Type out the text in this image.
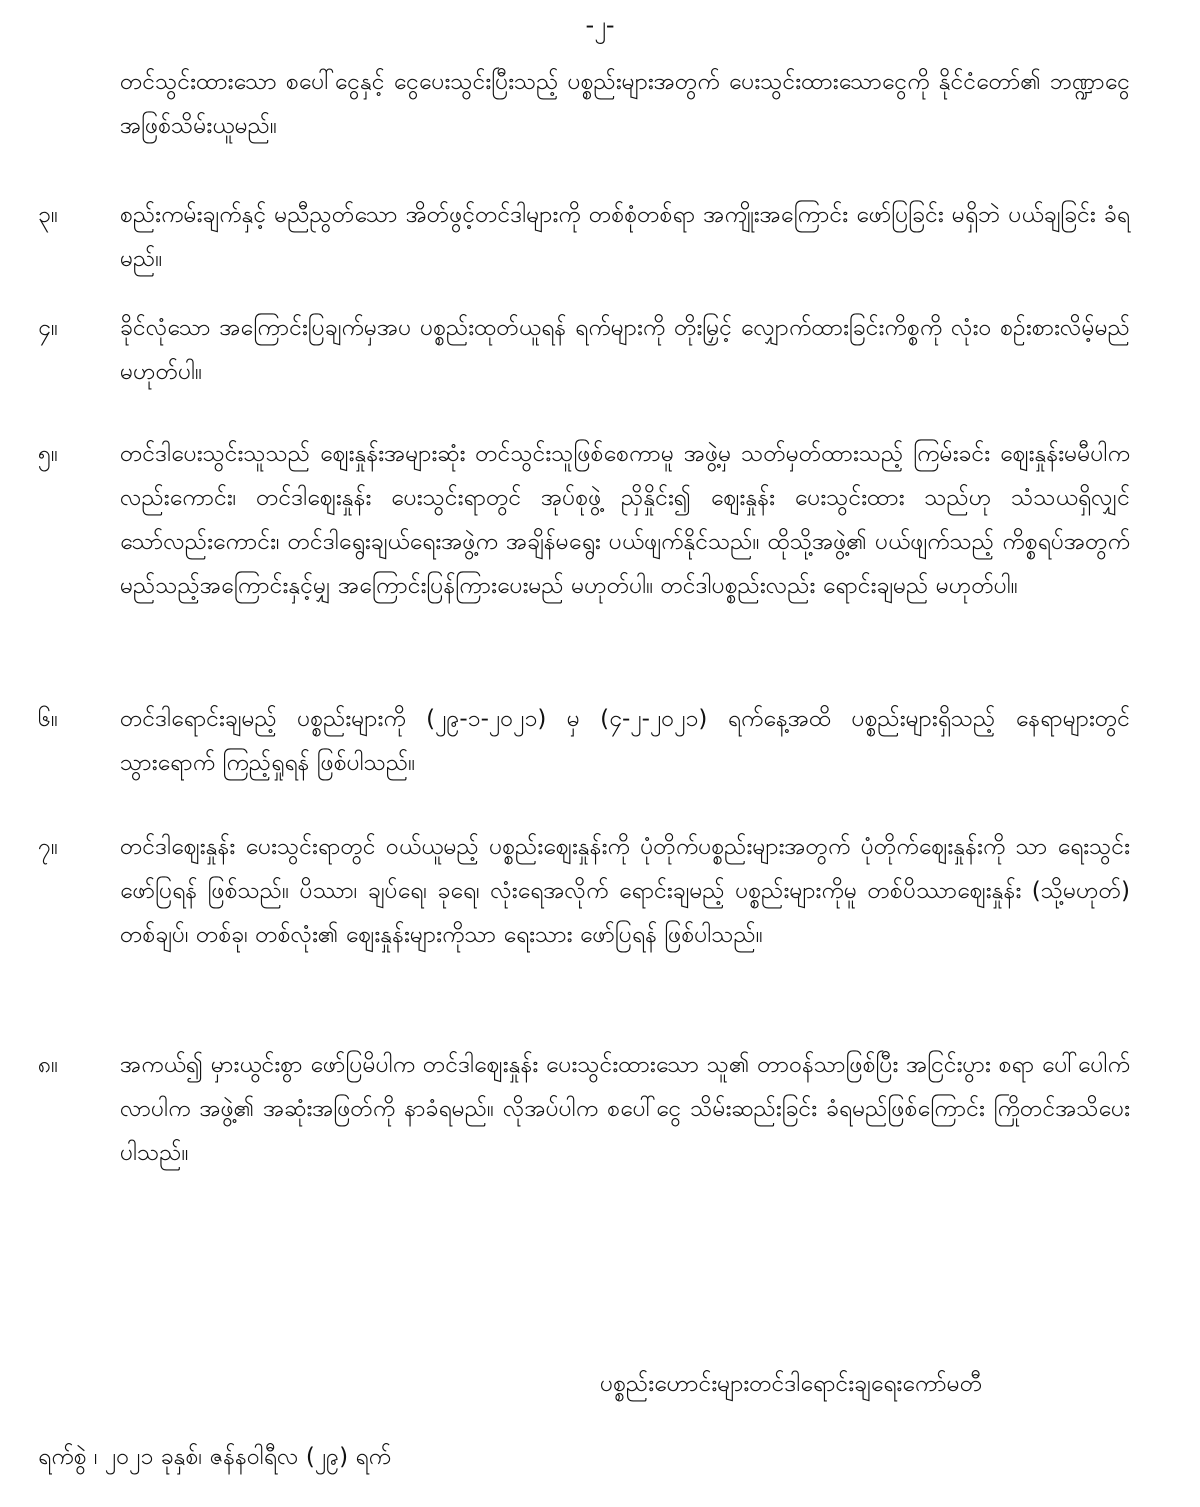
-၂-
တင်သွင်းထားသော စပေါ်ငွေနှင့် ငွေပေးသွင်းပြီးသည့် ပစ္စည်းများအတွက် ပေးသွင်းထားသောငွေကို နိုင်ငံတော်၏ ဘဏ္ဍာငွေအဖြစ်သိမ်းယူမည်။
၃။	စည်းကမ်းချက်နှင့် မညီညွတ်သော အိတ်ဖွင့်တင်ဒါများကို တစ်စုံတစ်ရာ အကျိုးအကြောင်း ဖော်ပြခြင်း မရှိဘဲ ပယ်ချခြင်း ခံရမည်။
၄။	ခိုင်လုံသော အကြောင်းပြချက်မှအပ ပစ္စည်းထုတ်ယူရန် ရက်များကို တိုးမြှင့် လျှောက်ထားခြင်းကိစ္စကို လုံးဝ စဉ်းစားလိမ့်မည် မဟုတ်ပါ။
၅။	တင်ဒါပေးသွင်းသူသည် ဈေးနှုန်းအများဆုံး တင်သွင်းသူဖြစ်စေကာမူ အဖွဲ့မှ သတ်မှတ်ထားသည့် ကြမ်းခင်း ဈေးနှုန်းမမီပါကလည်းကောင်း၊ တင်ဒါဈေးနှုန်း ပေးသွင်းရာတွင် အုပ်စုဖွဲ့ ညှိနှိုင်း၍ ဈေးနှုန်း ပေးသွင်းထား သည်ဟု သံသယရှိလျှင်သော်လည်းကောင်း၊ တင်ဒါရွေးချယ်ရေးအဖွဲ့က အချိန်မရွေး ပယ်ဖျက်နိုင်သည်။ ထိုသို့အဖွဲ့၏ ပယ်ဖျက်သည့် ကိစ္စရပ်အတွက် မည်သည့်အကြောင်းနှင့်မျှ အကြောင်းပြန်ကြားပေးမည် မဟုတ်ပါ။ တင်ဒါပစ္စည်းလည်း ရောင်းချမည် မဟုတ်ပါ။
၆။	တင်ဒါရောင်းချမည့် ပစ္စည်းများကို (၂၉-၁-၂၀၂၁) မှ (၄-၂-၂၀၂၁) ရက်နေ့အထိ ပစ္စည်းများရှိသည့် နေရာများတွင် သွားရောက် ကြည့်ရှုရန် ဖြစ်ပါသည်။
၇။	တင်ဒါဈေးနှုန်း ပေးသွင်းရာတွင် ဝယ်ယူမည့် ပစ္စည်းဈေးနှုန်းကို ပုံတိုက်ပစ္စည်းများအတွက် ပုံတိုက်ဈေးနှုန်းကို သာ ရေးသွင်းဖော်ပြရန် ဖြစ်သည်။ ပိဿာ၊ ချပ်ရေ၊ ခုရေ၊ လုံးရေအလိုက် ရောင်းချမည့် ပစ္စည်းများကိုမူ တစ်ပိဿာဈေးနှုန်း (သို့မဟုတ်) တစ်ချပ်၊ တစ်ခု၊ တစ်လုံး၏ ဈေးနှုန်းများကိုသာ ရေးသား ဖော်ပြရန် ဖြစ်ပါသည်။
၈။	အကယ်၍ မှားယွင်းစွာ ဖော်ပြမိပါက တင်ဒါဈေးနှုန်း ပေးသွင်းထားသော သူ၏ တာဝန်သာဖြစ်ပြီး အငြင်းပွား စရာ ပေါ်ပေါက်လာပါက အဖွဲ့၏ အဆုံးအဖြတ်ကို နာခံရမည်။ လိုအပ်ပါက စပေါ်ငွေ သိမ်းဆည်းခြင်း ခံရမည်ဖြစ်ကြောင်း ကြိုတင်အသိပေးပါသည်။
ပစ္စည်းဟောင်းများတင်ဒါရောင်းချရေးကော်မတီ
ရက်စွဲ ၊ ၂၀၂၁ ခုနှစ်၊ ဇန်နဝါရီလ (၂၉) ရက်
